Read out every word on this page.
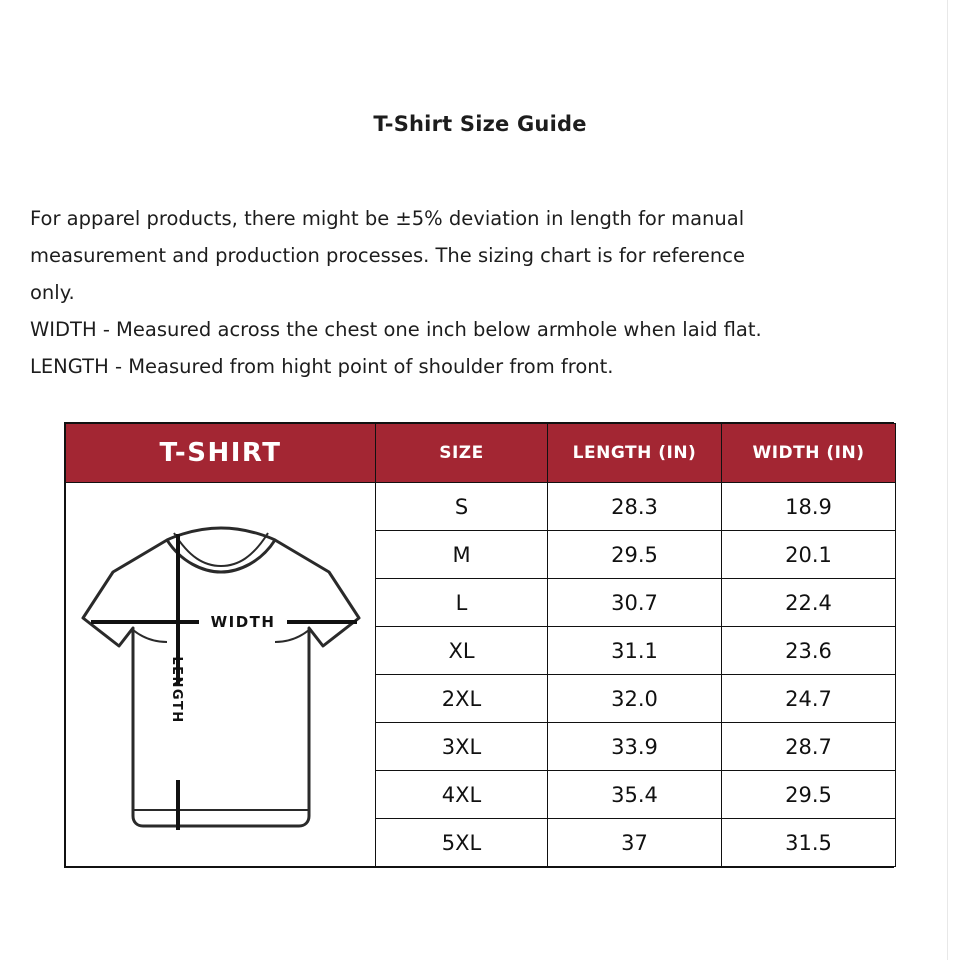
T-Shirt Size Guide

For apparel products, there might be ±5% deviation in length for manual

measurement and production processes. The sizing chart is for reference

only.

WIDTH - Measured across the chest one inch below armhole when laid flat.

LENGTH - Measured from hight point of shoulder from front.

T-SHIRT	SIZE	LENGTH (IN)	WIDTH (IN)

WIDTH
LENGTH	S	28.3	18.9
	M	29.5	20.1
	L	30.7	22.4
	XL	31.1	23.6
	2XL	32.0	24.7
	3XL	33.9	28.7
	4XL	35.4	29.5
	5XL	37	31.5
